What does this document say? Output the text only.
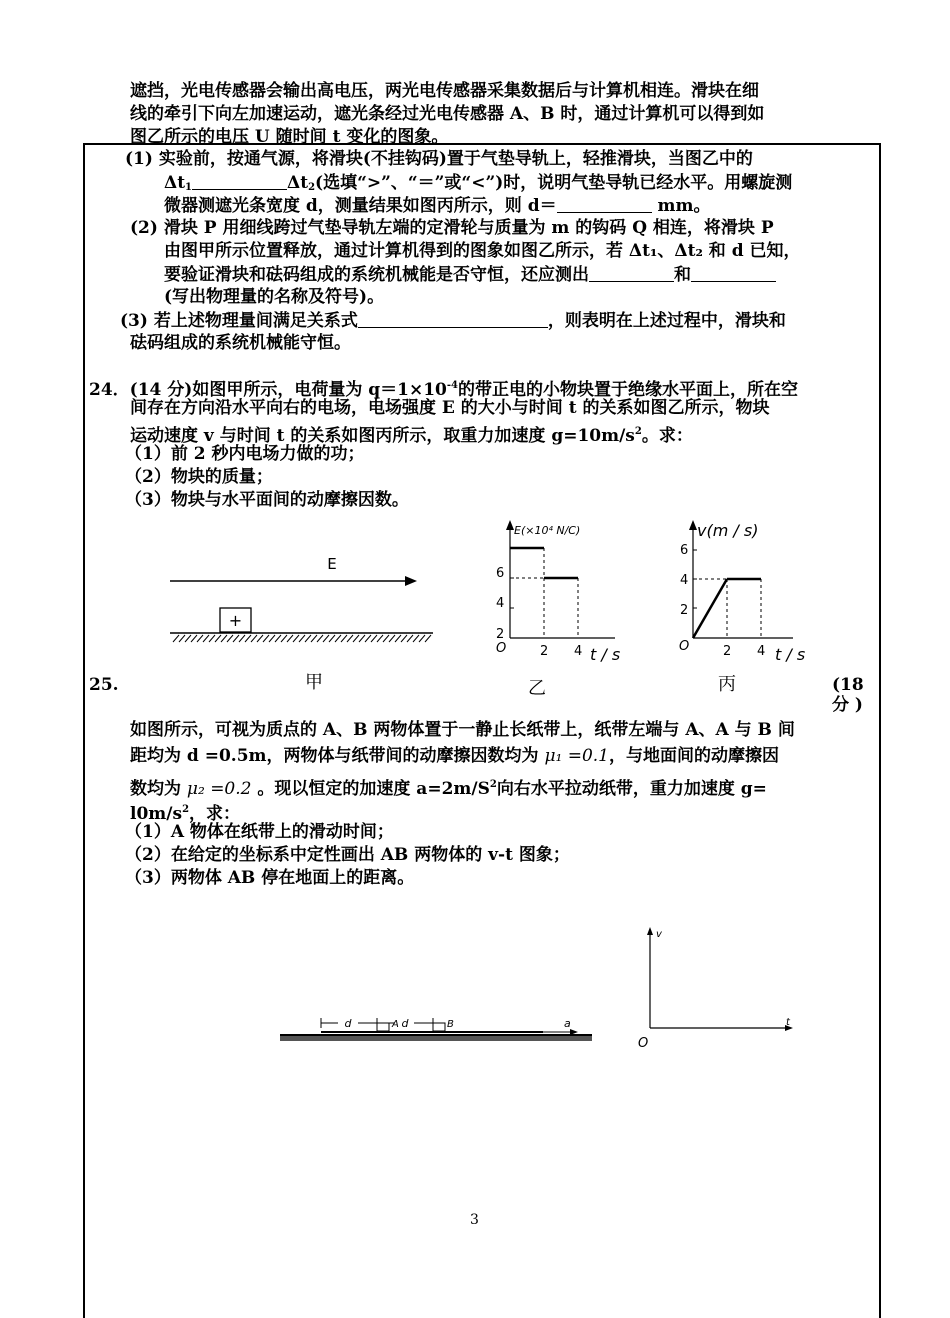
遮挡，光电传感器会输出高电压，两光电传感器采集数据后与计算机相连。滑块在细
线的牵引下向左加速运动，遮光条经过光电传感器 A、B 时，通过计算机可以得到如
图乙所示的电压 U 随时间 t 变化的图象。
(1) 实验前，按通气源，将滑块(不挂钩码)置于气垫导轨上，轻推滑块，当图乙中的
$\Delta t_1$	$\Delta t_2$(选填“>”、“＝”或“<”)时，说明气垫导轨已经水平。用螺旋测
微器测遮光条宽度 d，测量结果如图丙所示，则 d＝	mm。
(2) 滑块 P 用细线跨过气垫导轨左端的定滑轮与质量为 m 的钩码 Q 相连，将滑块 P
由图甲所示位置释放，通过计算机得到的图象如图乙所示，若 Δt₁、Δt₂ 和 d 已知，
要验证滑块和砝码组成的系统机械能是否守恒，还应测出	和
(写出物理量的名称及符号)。
(3) 若上述物理量间满足关系式	，则表明在上述过程中，滑块和
砝码组成的系统机械能守恒。
24．(14 分)如图甲所示，电荷量为 $q=1\times 10^{-4}$的带正电的小物块置于绝缘水平面上，所在空
间存在方向沿水平向右的电场，电场强度 E 的大小与时间 t 的关系如图乙所示，物块
运动速度 v 与时间 t 的关系如图丙所示，取重力加速度 $g=10m/s^2$。求：
（1）前 2 秒内电场力做的功；
（2）物块的质量；
（3）物块与水平面间的动摩擦因数。
E
+
E(×10⁴ N/C)
6
4
2
O	2 4 t / s
v(m / s)
6
4
2
O	2 4 t / s
25.	甲	乙	丙	(18
分 )
如图所示，可视为质点的 A、B 两物体置于一静止长纸带上，纸带左端与 A、A 与 B 间
距均为 d =0.5m，两物体与纸带间的动摩擦因数均为 μ₁ =0.1，与地面间的动摩擦因
数均为 μ₂ =0.2 。现以恒定的加速度 $a=2m/S^2$向右水平拉动纸带，重力加速度 g=
$l0m/s^2$，求：
（1）A 物体在纸带上的滑动时间；
（2）在给定的坐标系中定性画出 AB 两物体的 v-t 图象；
（3）两物体 AB 停在地面上的距离。
d	d
A	B	a
v
t
O
3
